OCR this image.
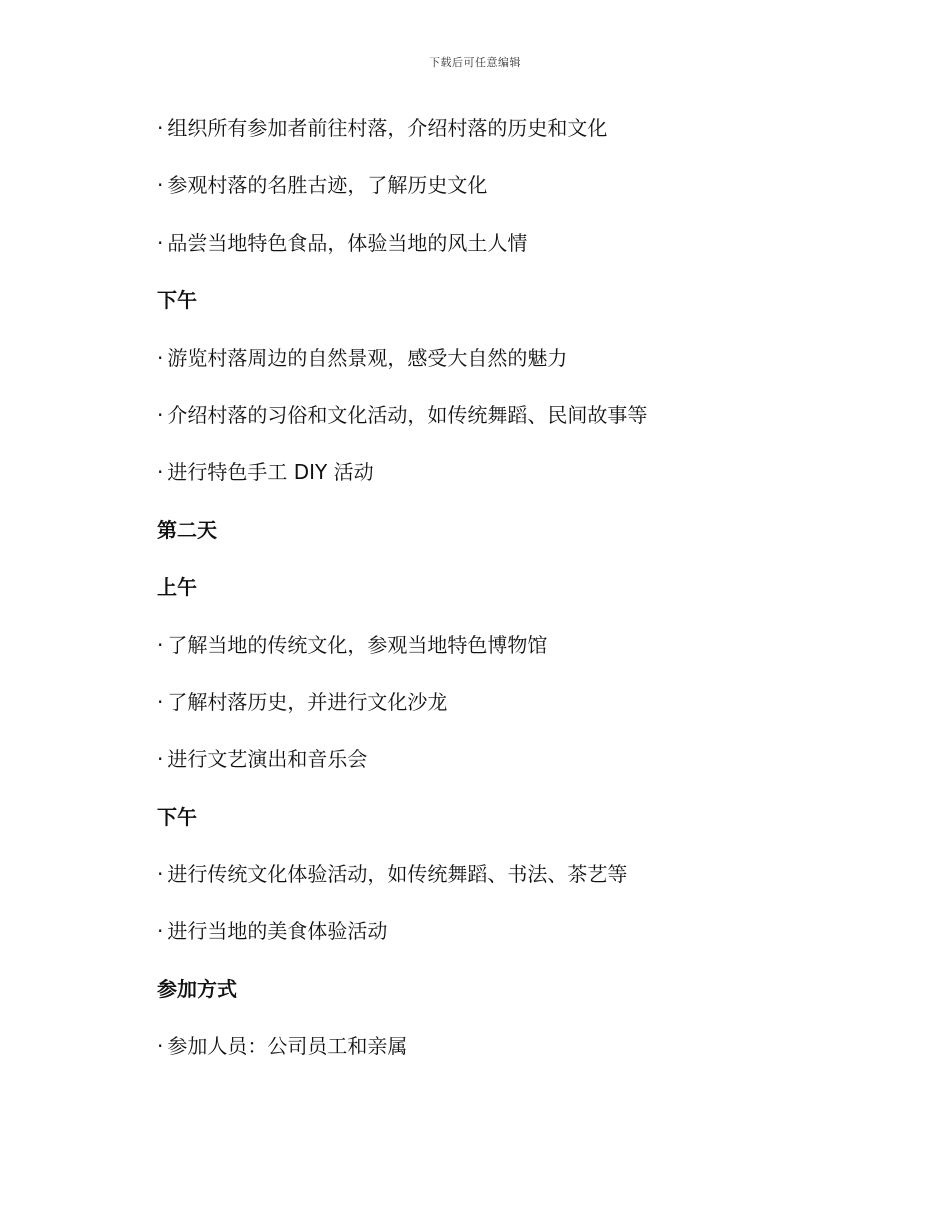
下载后可任意编辑
· 组织所有参加者前往村落，介绍村落的历史和文化
· 参观村落的名胜古迹，了解历史文化
· 品尝当地特色食品，体验当地的风土人情
下午
· 游览村落周边的自然景观，感受大自然的魅力
· 介绍村落的习俗和文化活动，如传统舞蹈、民间故事等
· 进行特色手工 DIY 活动
第二天
上午
· 了解当地的传统文化，参观当地特色博物馆
· 了解村落历史，并进行文化沙龙
· 进行文艺演出和音乐会
下午
· 进行传统文化体验活动，如传统舞蹈、书法、茶艺等
· 进行当地的美食体验活动
参加方式
· 参加人员：公司员工和亲属
